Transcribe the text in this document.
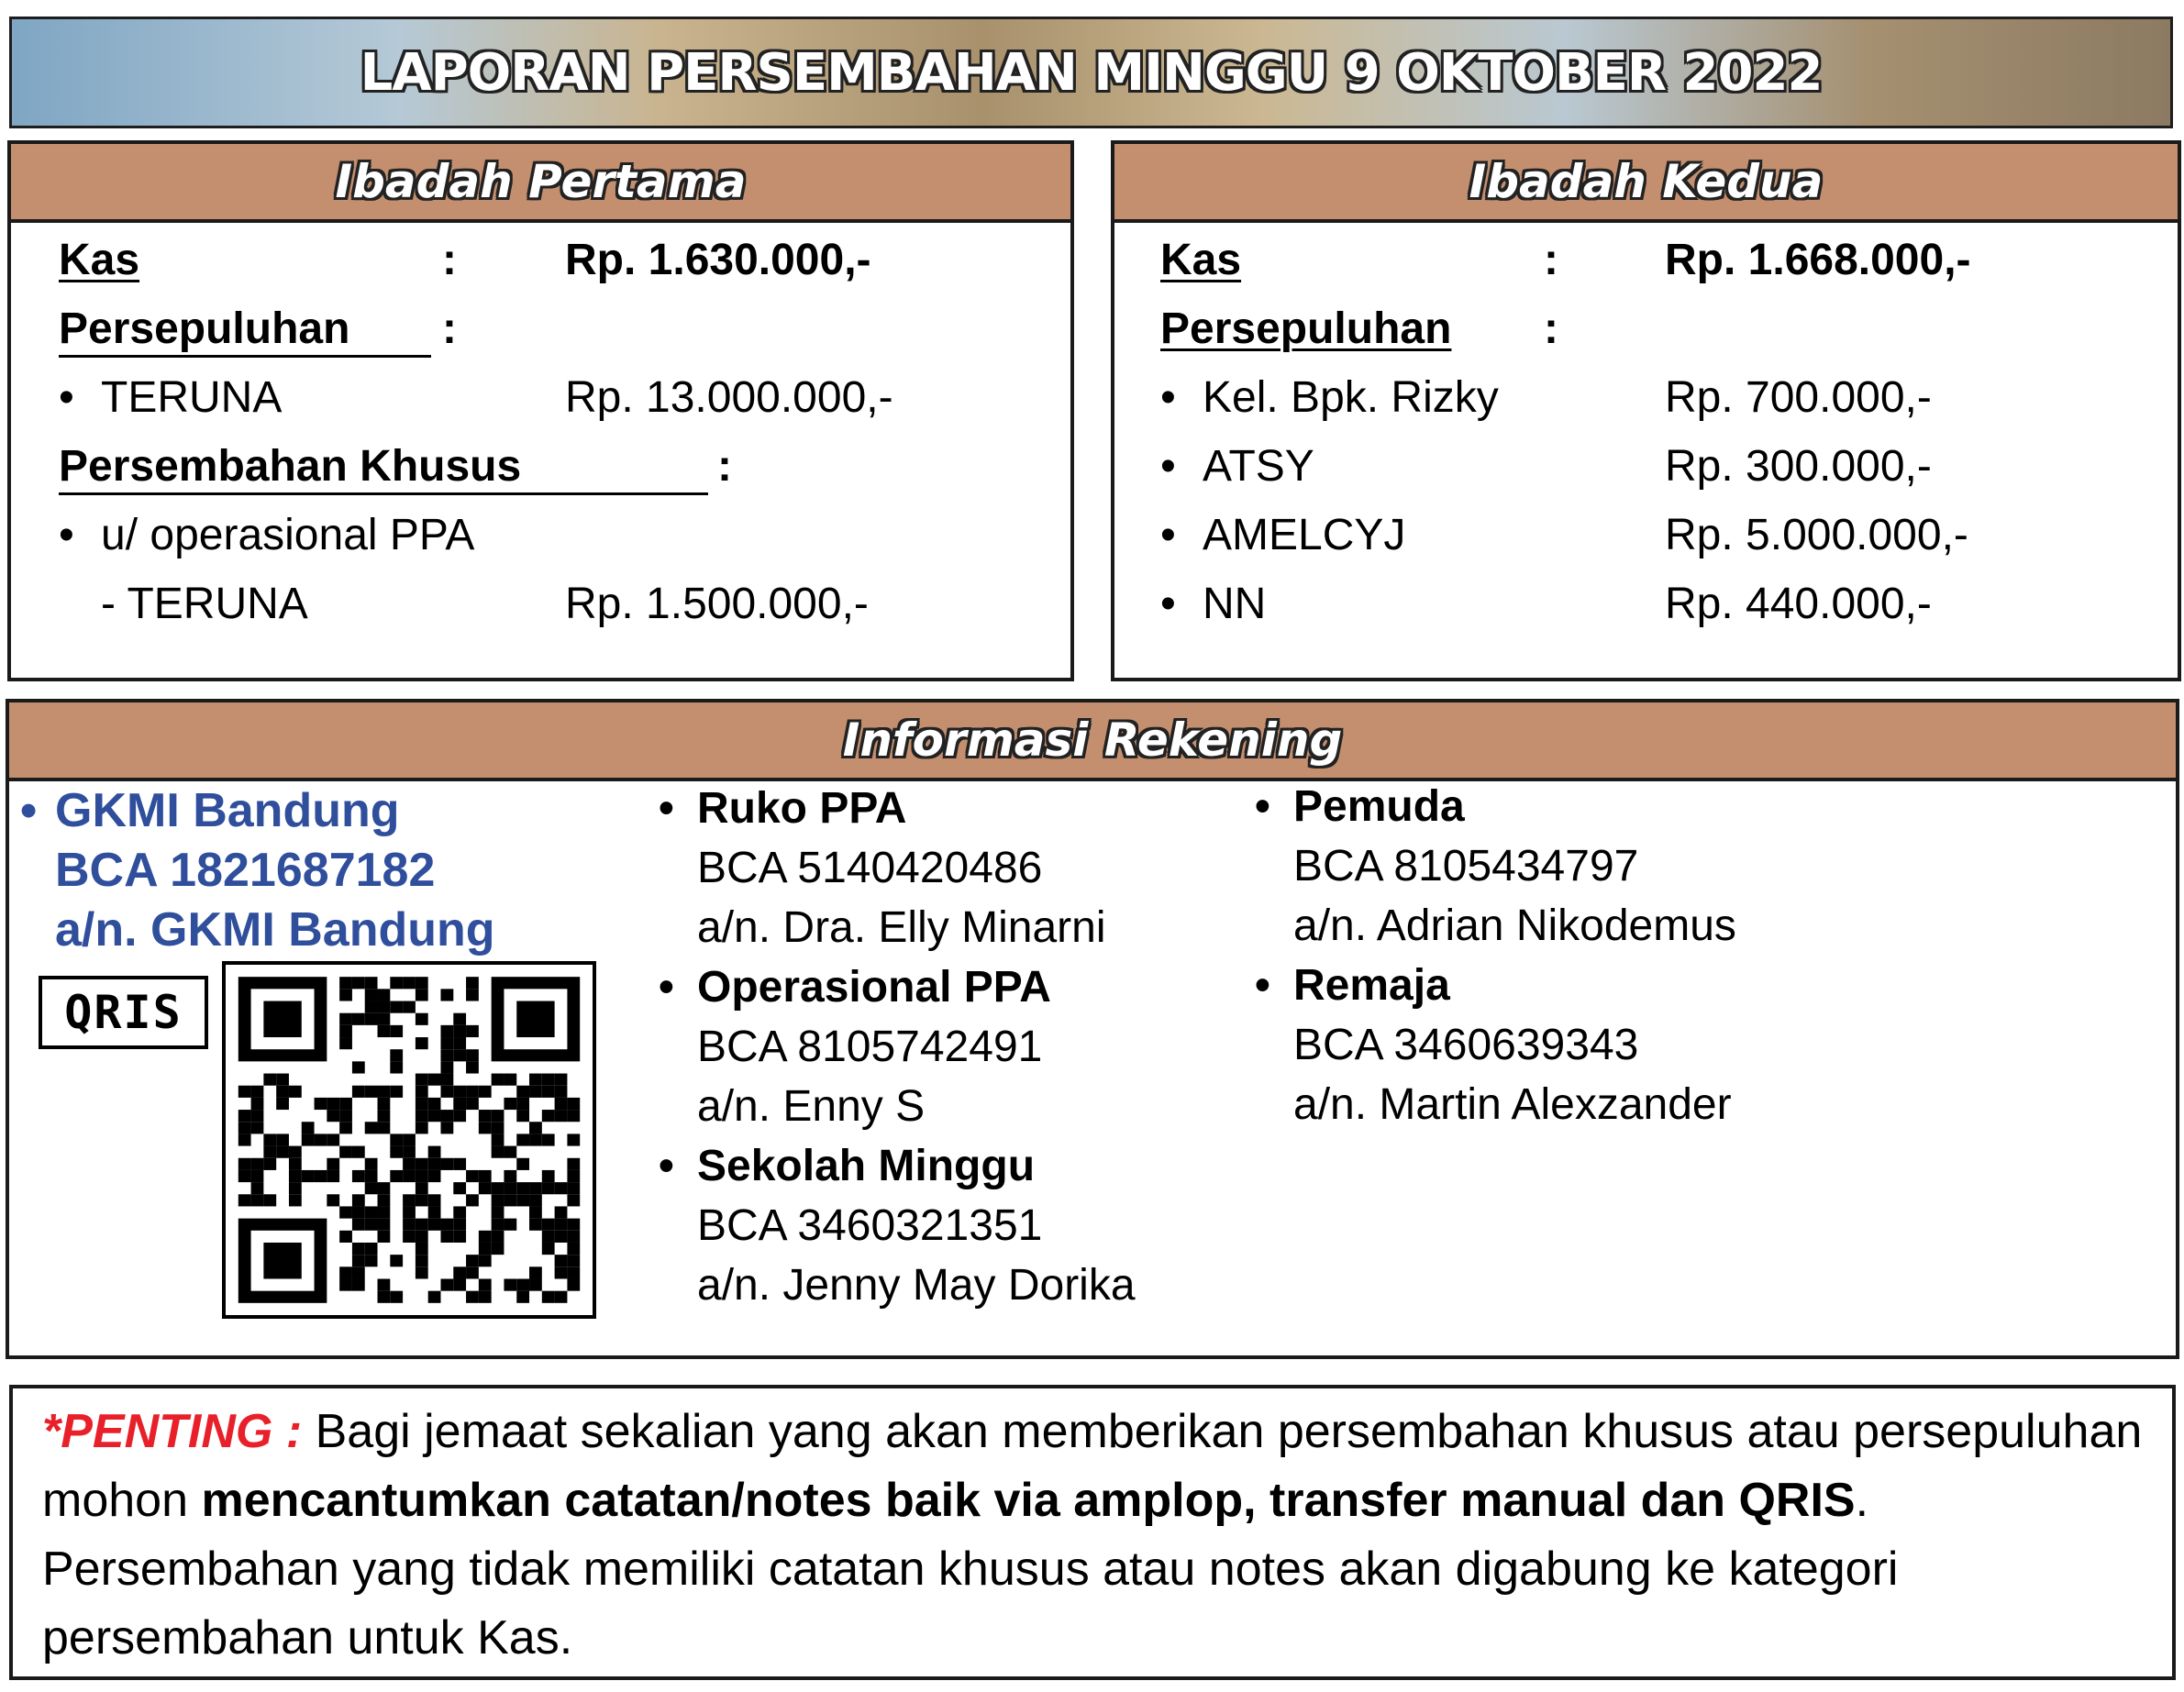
LAPORAN PERSEMBAHAN MINGGU 9 OKTOBER 2022
Ibadah Pertama
Kas	: Rp. 1.630.000,-
Persepuluhan :
• TERUNA	Rp. 13.000.000,-
Persembahan Khusus	:
• u/ operasional PPA
- TERUNA	Rp. 1.500.000,-
Ibadah Kedua
Kas	: Rp. 1.668.000,-
Persepuluhan :
• Kel. Bpk. Rizky	Rp. 700.000,-
• ATSY	Rp. 300.000,-
• AMELCYJ	Rp. 5.000.000,-
• NN	Rp. 440.000,-
Informasi Rekening
• GKMI Bandung
BCA 1821687182
a/n. GKMI Bandung
QRIS
• Ruko PPA
BCA 5140420486
a/n. Dra. Elly Minarni
• Operasional PPA
BCA 8105742491
a/n. Enny S
• Sekolah Minggu
BCA 3460321351
a/n. Jenny May Dorika
• Pemuda
BCA 8105434797
a/n. Adrian Nikodemus
• Remaja
BCA 3460639343
a/n. Martin Alexzander

*PENTING : Bagi jemaat sekalian yang akan memberikan persembahan khusus atau persepuluhan mohon mencantumkan catatan/notes baik via amplop, transfer manual dan QRIS. Persembahan yang tidak memiliki catatan khusus atau notes akan digabung ke kategori persembahan untuk Kas.
